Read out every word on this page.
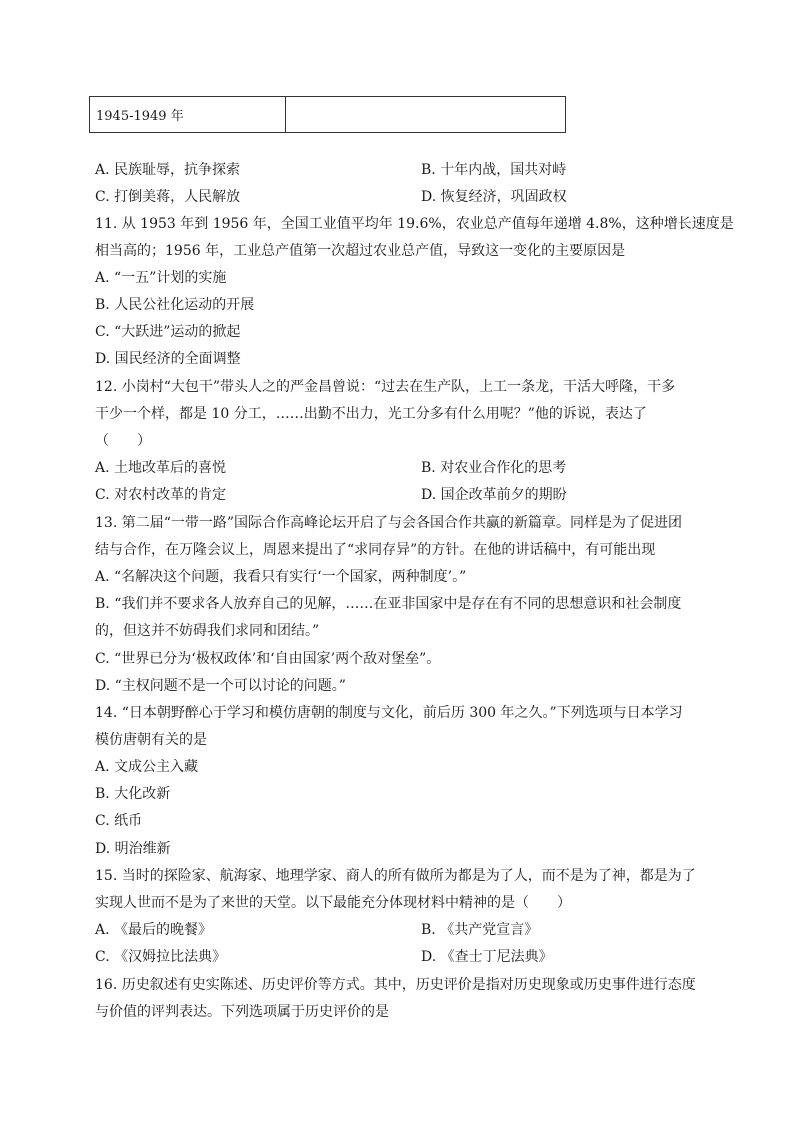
1945-1949 年
A. 民族耻辱，抗争探索	B. 十年内战，国共对峙
C. 打倒美蒋，人民解放	D. 恢复经济，巩固政权
11. 从 1953 年到 1956 年，全国工业值平均年 19.6%，农业总产值每年递增 4.8%，这种增长速度是
相当高的；1956 年，工业总产值第一次超过农业总产值，导致这一变化的主要原因是
A. “一五”计划的实施
B. 人民公社化运动的开展
C. “大跃进”运动的掀起
D. 国民经济的全面调整
12. 小岗村“大包干”带头人之的严金昌曾说：“过去在生产队，上工一条龙，干活大呼隆，干多
干少一个样，都是 10 分工，……出勤不出力，光工分多有什么用呢？”他的诉说，表达了
（　　）
A. 土地改革后的喜悦	B. 对农业合作化的思考
C. 对农村改革的肯定	D. 国企改革前夕的期盼
13. 第二届“一带一路”国际合作高峰论坛开启了与会各国合作共赢的新篇章。同样是为了促进团
结与合作，在万隆会议上，周恩来提出了“求同存异”的方针。在他的讲话稿中，有可能出现
A. “名解决这个问题，我看只有实行‘一个国家，两种制度’。”
B. “我们并不要求各人放弃自己的见解，……在亚非国家中是存在有不同的思想意识和社会制度
的，但这并不妨碍我们求同和团结。”
C. “世界已分为‘极权政体’和‘自由国家’两个敌对堡垒”。
D. “主权问题不是一个可以讨论的问题。”
14. “日本朝野醉心于学习和模仿唐朝的制度与文化，前后历 300 年之久。”下列选项与日本学习
模仿唐朝有关的是
A. 文成公主入藏
B. 大化改新
C. 纸币
D. 明治维新
15. 当时的探险家、航海家、地理学家、商人的所有做所为都是为了人，而不是为了神，都是为了
实现人世而不是为了来世的天堂。以下最能充分体现材料中精神的是（　　）
A. 《最后的晚餐》	B. 《共产党宣言》
C. 《汉姆拉比法典》	D. 《查士丁尼法典》
16. 历史叙述有史实陈述、历史评价等方式。其中，历史评价是指对历史现象或历史事件进行态度
与价值的评判表达。下列选项属于历史评价的是
